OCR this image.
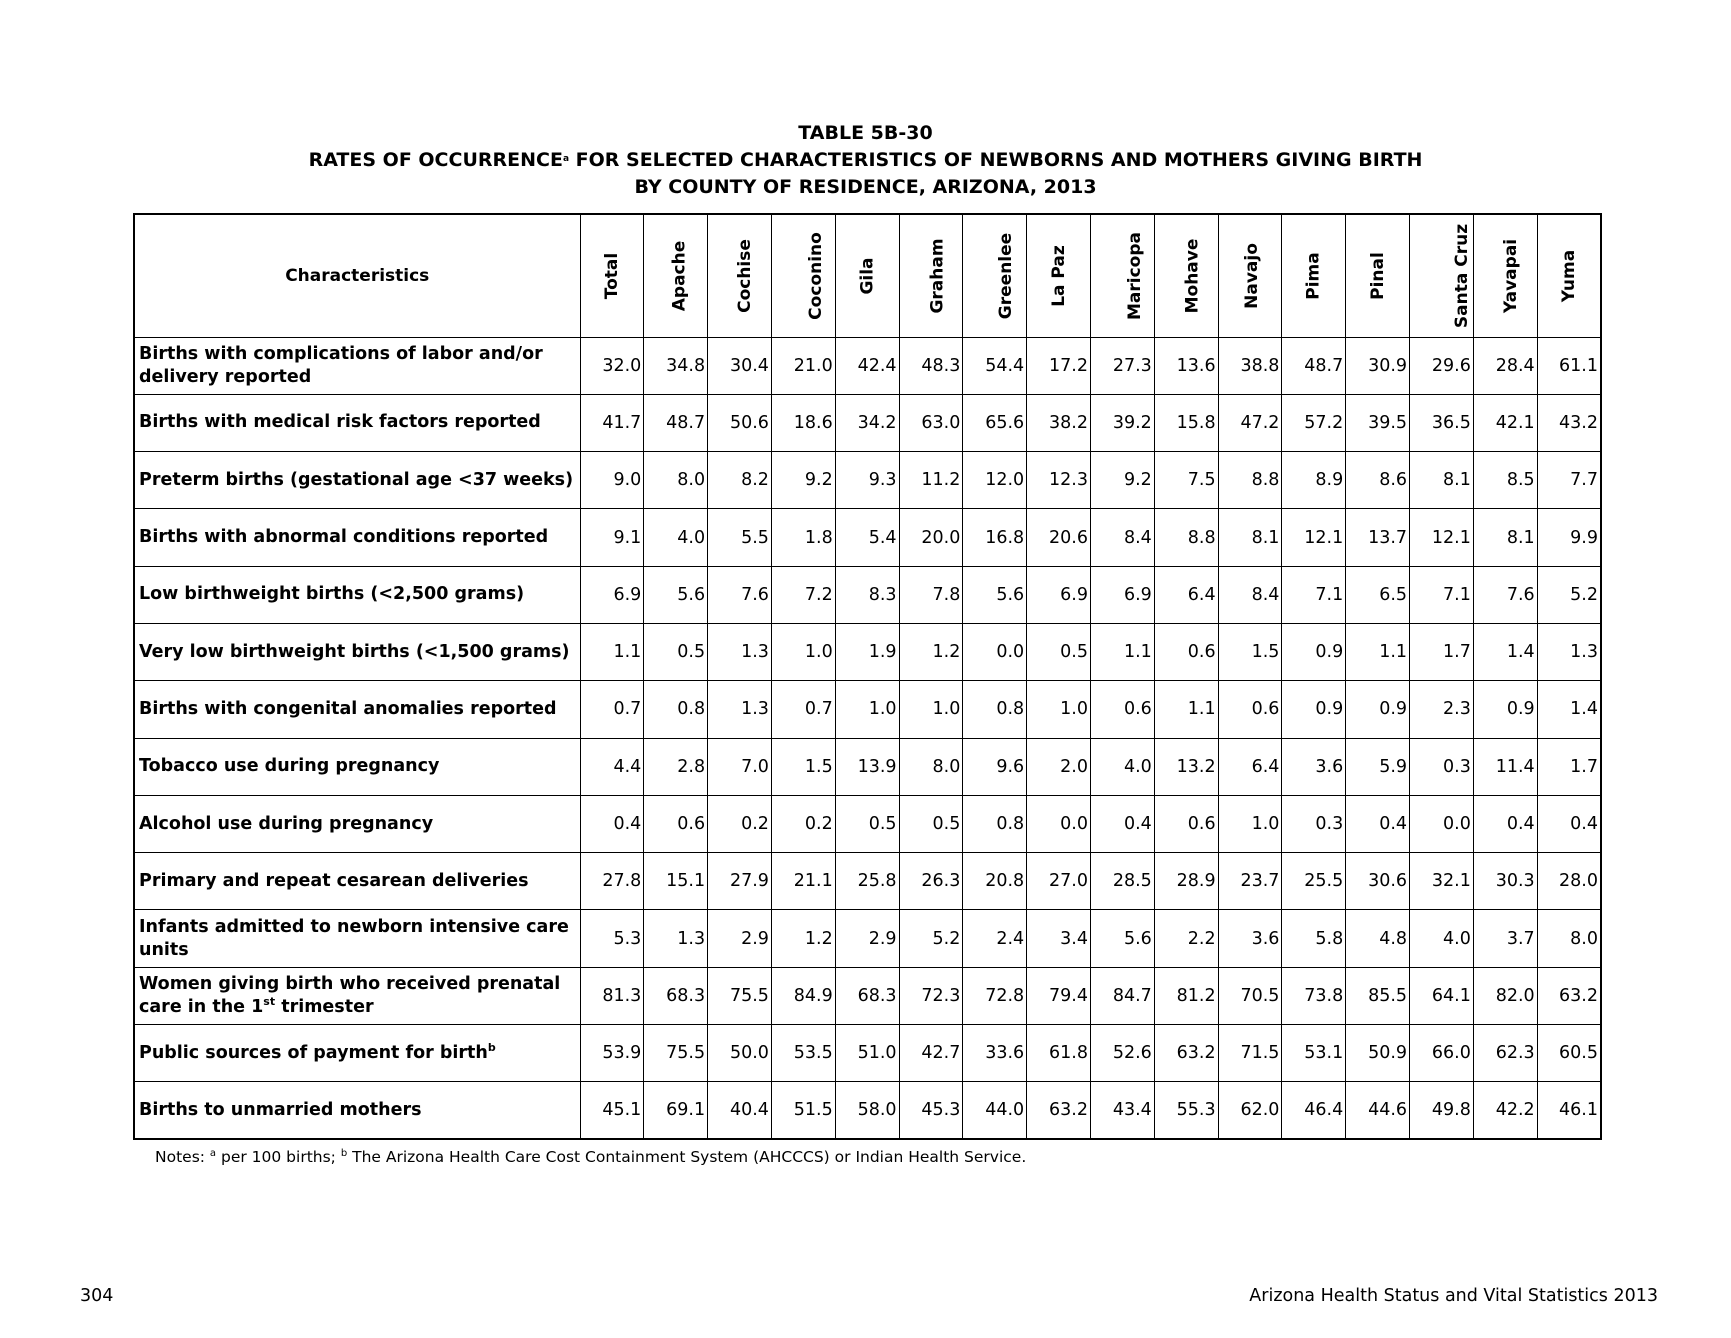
TABLE 5B-30
RATES OF OCCURRENCE$^a$ FOR SELECTED CHARACTERISTICS OF NEWBORNS AND MOTHERS GIVING BIRTH
BY COUNTY OF RESIDENCE, ARIZONA, 2013
Characteristics	Total	Apache	Cochise	Coconino	Gila	Graham	Greenlee	La Paz	Maricopa	Mohave	Navajo	Pima	Pinal	Santa Cruz	Yavapai	Yuma
Births with complications of labor and/or delivery reported	32.0	34.8	30.4	21.0	42.4	48.3	54.4	17.2	27.3	13.6	38.8	48.7	30.9	29.6	28.4	61.1
Births with medical risk factors reported	41.7	48.7	50.6	18.6	34.2	63.0	65.6	38.2	39.2	15.8	47.2	57.2	39.5	36.5	42.1	43.2
Preterm births (gestational age <37 weeks)	9.0	8.0	8.2	9.2	9.3	11.2	12.0	12.3	9.2	7.5	8.8	8.9	8.6	8.1	8.5	7.7
Births with abnormal conditions reported	9.1	4.0	5.5	1.8	5.4	20.0	16.8	20.6	8.4	8.8	8.1	12.1	13.7	12.1	8.1	9.9
Low birthweight births (<2,500 grams)	6.9	5.6	7.6	7.2	8.3	7.8	5.6	6.9	6.9	6.4	8.4	7.1	6.5	7.1	7.6	5.2
Very low birthweight births (<1,500 grams)	1.1	0.5	1.3	1.0	1.9	1.2	0.0	0.5	1.1	0.6	1.5	0.9	1.1	1.7	1.4	1.3
Births with congenital anomalies reported	0.7	0.8	1.3	0.7	1.0	1.0	0.8	1.0	0.6	1.1	0.6	0.9	0.9	2.3	0.9	1.4
Tobacco use during pregnancy	4.4	2.8	7.0	1.5	13.9	8.0	9.6	2.0	4.0	13.2	6.4	3.6	5.9	0.3	11.4	1.7
Alcohol use during pregnancy	0.4	0.6	0.2	0.2	0.5	0.5	0.8	0.0	0.4	0.6	1.0	0.3	0.4	0.0	0.4	0.4
Primary and repeat cesarean deliveries	27.8	15.1	27.9	21.1	25.8	26.3	20.8	27.0	28.5	28.9	23.7	25.5	30.6	32.1	30.3	28.0
Infants admitted to newborn intensive care units	5.3	1.3	2.9	1.2	2.9	5.2	2.4	3.4	5.6	2.2	3.6	5.8	4.8	4.0	3.7	8.0
Women giving birth who received prenatal care in the 1st trimester	81.3	68.3	75.5	84.9	68.3	72.3	72.8	79.4	84.7	81.2	70.5	73.8	85.5	64.1	82.0	63.2
Public sources of payment for birth$^b$	53.9	75.5	50.0	53.5	51.0	42.7	33.6	61.8	52.6	63.2	71.5	53.1	50.9	66.0	62.3	60.5
Births to unmarried mothers	45.1	69.1	40.4	51.5	58.0	45.3	44.0	63.2	43.4	55.3	62.0	46.4	44.6	49.8	42.2	46.1
Notes: $^a$ per 100 births; $^b$ The Arizona Health Care Cost Containment System (AHCCCS) or Indian Health Service.
304	Arizona Health Status and Vital Statistics 2013
